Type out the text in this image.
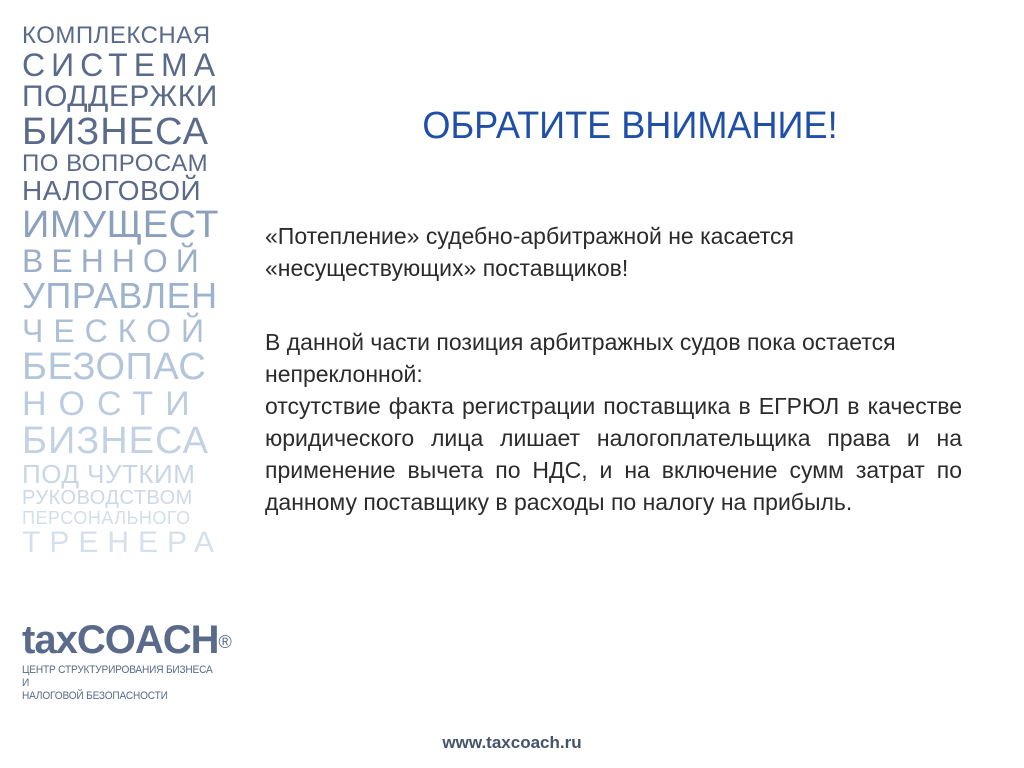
КОМПЛЕКСНАЯ
СИСТЕМА
ПОДДЕРЖКИ
БИЗНЕСА
ПО ВОПРОСАМ
НАЛОГОВОЙ
ИМУЩЕСТ
ВЕННОЙ
УПРАВЛЕН
ЧЕСКОЙ
БЕЗОПАС
НОСТИ
БИЗНЕСА
ПОД ЧУТКИМ
РУКОВОДСТВОМ
ПЕРСОНАЛЬНОГО
ТРЕНЕРА
taxCOACH®
ЦЕНТР СТРУКТУРИРОВАНИЯ БИЗНЕСА И
НАЛОГОВОЙ БЕЗОПАСНОСТИ
ОБРАТИТЕ ВНИМАНИЕ!

«Потепление» судебно-арбитражной не касается «несуществующих» поставщиков!

В данной части позиция арбитражных судов пока остается непреклонной:

отсутствие факта регистрации поставщика в ЕГРЮЛ в качестве юридического лица лишает налогоплательщика права и на применение вычета по НДС, и на включение сумм затрат по данному поставщику в расходы по налогу на прибыль.

www.taxcoach.ru
